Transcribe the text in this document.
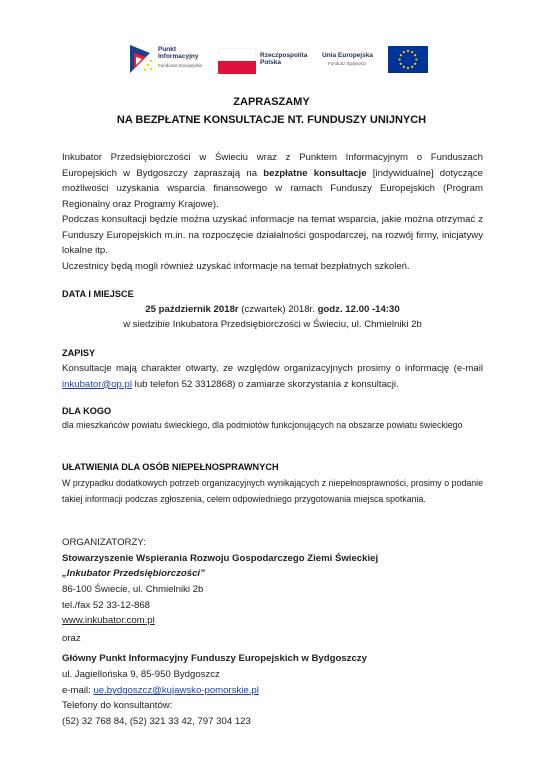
Punkt
Informacyjny
Fundusze Europejskie
Rzeczpospolita
Polska
Unia Europejska
Fundusz Spójności
ZAPRASZAMY
NA BEZPŁATNE KONSULTACJE NT. FUNDUSZY UNIJNYCH
Inkubator Przedsiębiorczości w Świeciu wraz z Punktem Informacyjnym o Funduszach Europejskich w Bydgoszczy zapraszają na bezpłatne konsultacje [indywidualne] dotyczące możliwości uzyskania wsparcia finansowego w ramach Funduszy Europejskich (Program Regionalny oraz Programy Krajowe).
Podczas konsultacji będzie można uzyskać informacje na temat wsparcia, jakie można otrzymać z Funduszy Europejskich m.in. na rozpoczęcie działalności gospodarczej, na rozwój firmy, inicjatywy lokalne itp.
Uczestnicy będą mogli również uzyskać informacje na temat bezpłatnych szkoleń.
DATA I MIEJSCE
25 październik 2018r (czwartek) 2018r. godz. 12.00 -14:30
w siedzibie Inkubatora Przedsiębiorczości w Świeciu, ul. Chmielniki 2b
ZAPISY
Konsultacje mają charakter otwarty, ze względów organizacyjnych prosimy o informację (e-mail inkubator@op.pl lub telefon 52 3312868) o zamiarze skorzystania z konsultacji.
DLA KOGO
dla mieszkańców powiatu świeckiego, dla podmiotów funkcjonujących na obszarze powiatu świeckiego
UŁATWIENIA DLA OSÓB NIEPEŁNOSPRAWNYCH
W przypadku dodatkowych potrzeb organizacyjnych wynikających z niepełnosprawności, prosimy o podanie takiej informacji podczas zgłoszenia, celem odpowiedniego przygotowania miejsca spotkania.
ORGANIZATORZY:
Stowarzyszenie Wspierania Rozwoju Gospodarczego Ziemi Świeckiej
„Inkubator Przedsiębiorczości”
86-100 Świecie, ul. Chmielniki 2b
tel./fax 52 33-12-868
www.inkubator.com.pl
oraz
Główny Punkt Informacyjny Funduszy Europejskich w Bydgoszczy
ul. Jagiellońska 9, 85-950 Bydgoszcz
e-mail: ue.bydgoszcz@kujawsko-pomorskie.pl
Telefony do konsultantów:
(52) 32 768 84, (52) 321 33 42, 797 304 123
